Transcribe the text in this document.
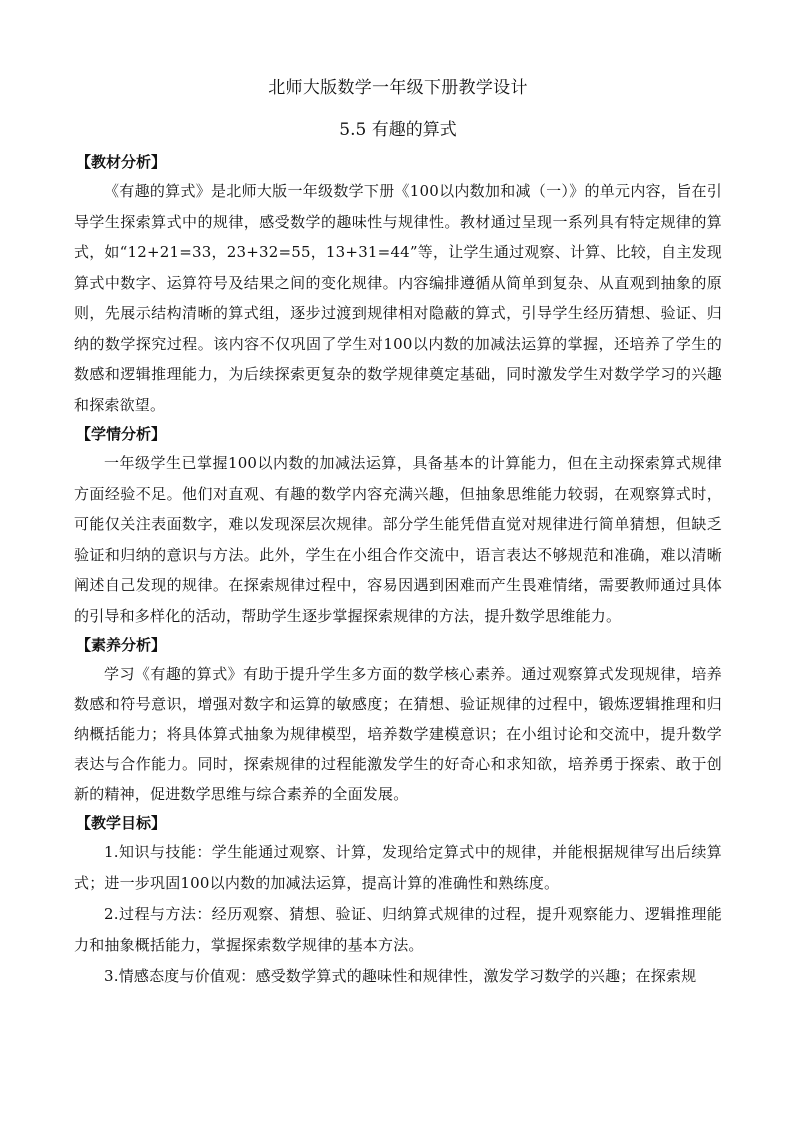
北师大版数学一年级下册教学设计
5.5 有趣的算式
【教材分析】

《有趣的算式》是北师大版一年级数学下册《100以内数加和减（一）》的单元内容，旨在引导学生探索算式中的规律，感受数学的趣味性与规律性。教材通过呈现一系列具有特定规律的算式，如“12+21=33，23+32=55，13+31=44”等，让学生通过观察、计算、比较，自主发现算式中数字、运算符号及结果之间的变化规律。内容编排遵循从简单到复杂、从直观到抽象的原则，先展示结构清晰的算式组，逐步过渡到规律相对隐蔽的算式，引导学生经历猜想、验证、归纳的数学探究过程。该内容不仅巩固了学生对100以内数的加减法运算的掌握，还培养了学生的数感和逻辑推理能力，为后续探索更复杂的数学规律奠定基础，同时激发学生对数学学习的兴趣和探索欲望。

【学情分析】

一年级学生已掌握100以内数的加减法运算，具备基本的计算能力，但在主动探索算式规律方面经验不足。他们对直观、有趣的数学内容充满兴趣，但抽象思维能力较弱，在观察算式时，可能仅关注表面数字，难以发现深层次规律。部分学生能凭借直觉对规律进行简单猜想，但缺乏验证和归纳的意识与方法。此外，学生在小组合作交流中，语言表达不够规范和准确，难以清晰阐述自己发现的规律。在探索规律过程中，容易因遇到困难而产生畏难情绪，需要教师通过具体的引导和多样化的活动，帮助学生逐步掌握探索规律的方法，提升数学思维能力。

【素养分析】

学习《有趣的算式》有助于提升学生多方面的数学核心素养。通过观察算式发现规律，培养数感和符号意识，增强对数字和运算的敏感度；在猜想、验证规律的过程中，锻炼逻辑推理和归纳概括能力；将具体算式抽象为规律模型，培养数学建模意识；在小组讨论和交流中，提升数学表达与合作能力。同时，探索规律的过程能激发学生的好奇心和求知欲，培养勇于探索、敢于创新的精神，促进数学思维与综合素养的全面发展。

【教学目标】

1.知识与技能：学生能通过观察、计算，发现给定算式中的规律，并能根据规律写出后续算式；进一步巩固100以内数的加减法运算，提高计算的准确性和熟练度。

2.过程与方法：经历观察、猜想、验证、归纳算式规律的过程，提升观察能力、逻辑推理能力和抽象概括能力，掌握探索数学规律的基本方法。

3.情感态度与价值观：感受数学算式的趣味性和规律性，激发学习数学的兴趣；在探索规
